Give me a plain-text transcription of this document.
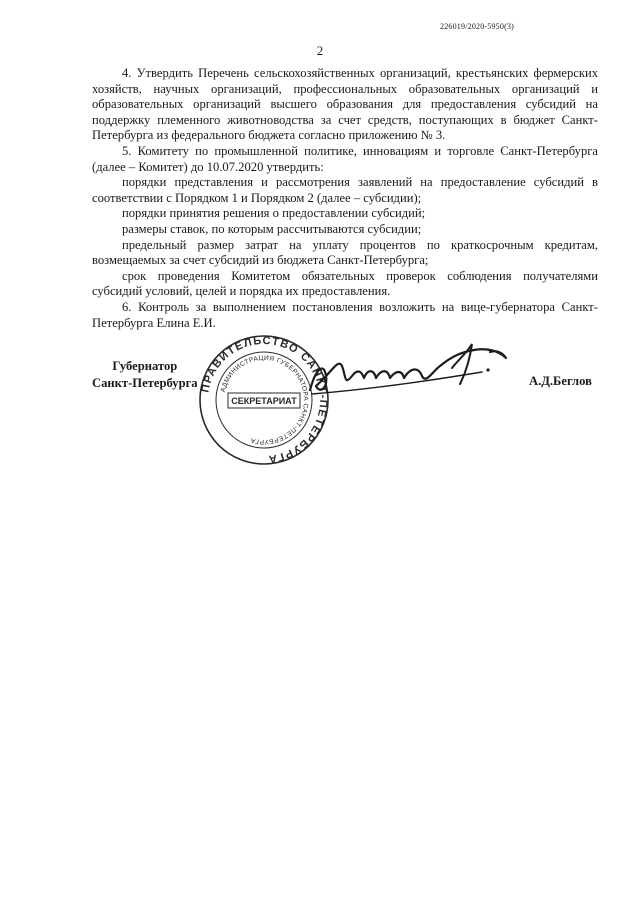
226019/2020-5950(3)
2

4. Утвердить Перечень сельскохозяйственных организаций, крестьянских фермерских хозяйств, научных организаций, профессиональных образовательных организаций и образовательных организаций высшего образования для предоставления субсидий на поддержку племенного животноводства за счет средств, поступающих в бюджет Санкт-Петербурга из федерального бюджета согласно приложению № 3.

5. Комитету по промышленной политике, инновациям и торговле Санкт-Петербурга (далее – Комитет) до 10.07.2020 утвердить:

порядки представления и рассмотрения заявлений на предоставление субсидий в соответствии с Порядком 1 и Порядком 2 (далее – субсидии);

порядки принятия решения о предоставлении субсидий;

размеры ставок, по которым рассчитываются субсидии;

предельный размер затрат на уплату процентов по краткосрочным кредитам, возмещаемых за счет субсидий из бюджета Санкт-Петербурга;

срок проведения Комитетом обязательных проверок соблюдения получателями субсидий условий, целей и порядка их предоставления.

6. Контроль за выполнением постановления возложить на вице-губернатора Санкт-Петербурга Елина Е.И.

Губернатор
Санкт-Петербурга ПРАВИТЕЛЬСТВО САНКТ-ПЕТЕРБУРГА
АДМИНИСТРАЦИЯ ГУБЕРНАТОРА САНКТ-ПЕТЕРБУРГА
СЕКРЕТАРИАТ
А.Д.Беглов
